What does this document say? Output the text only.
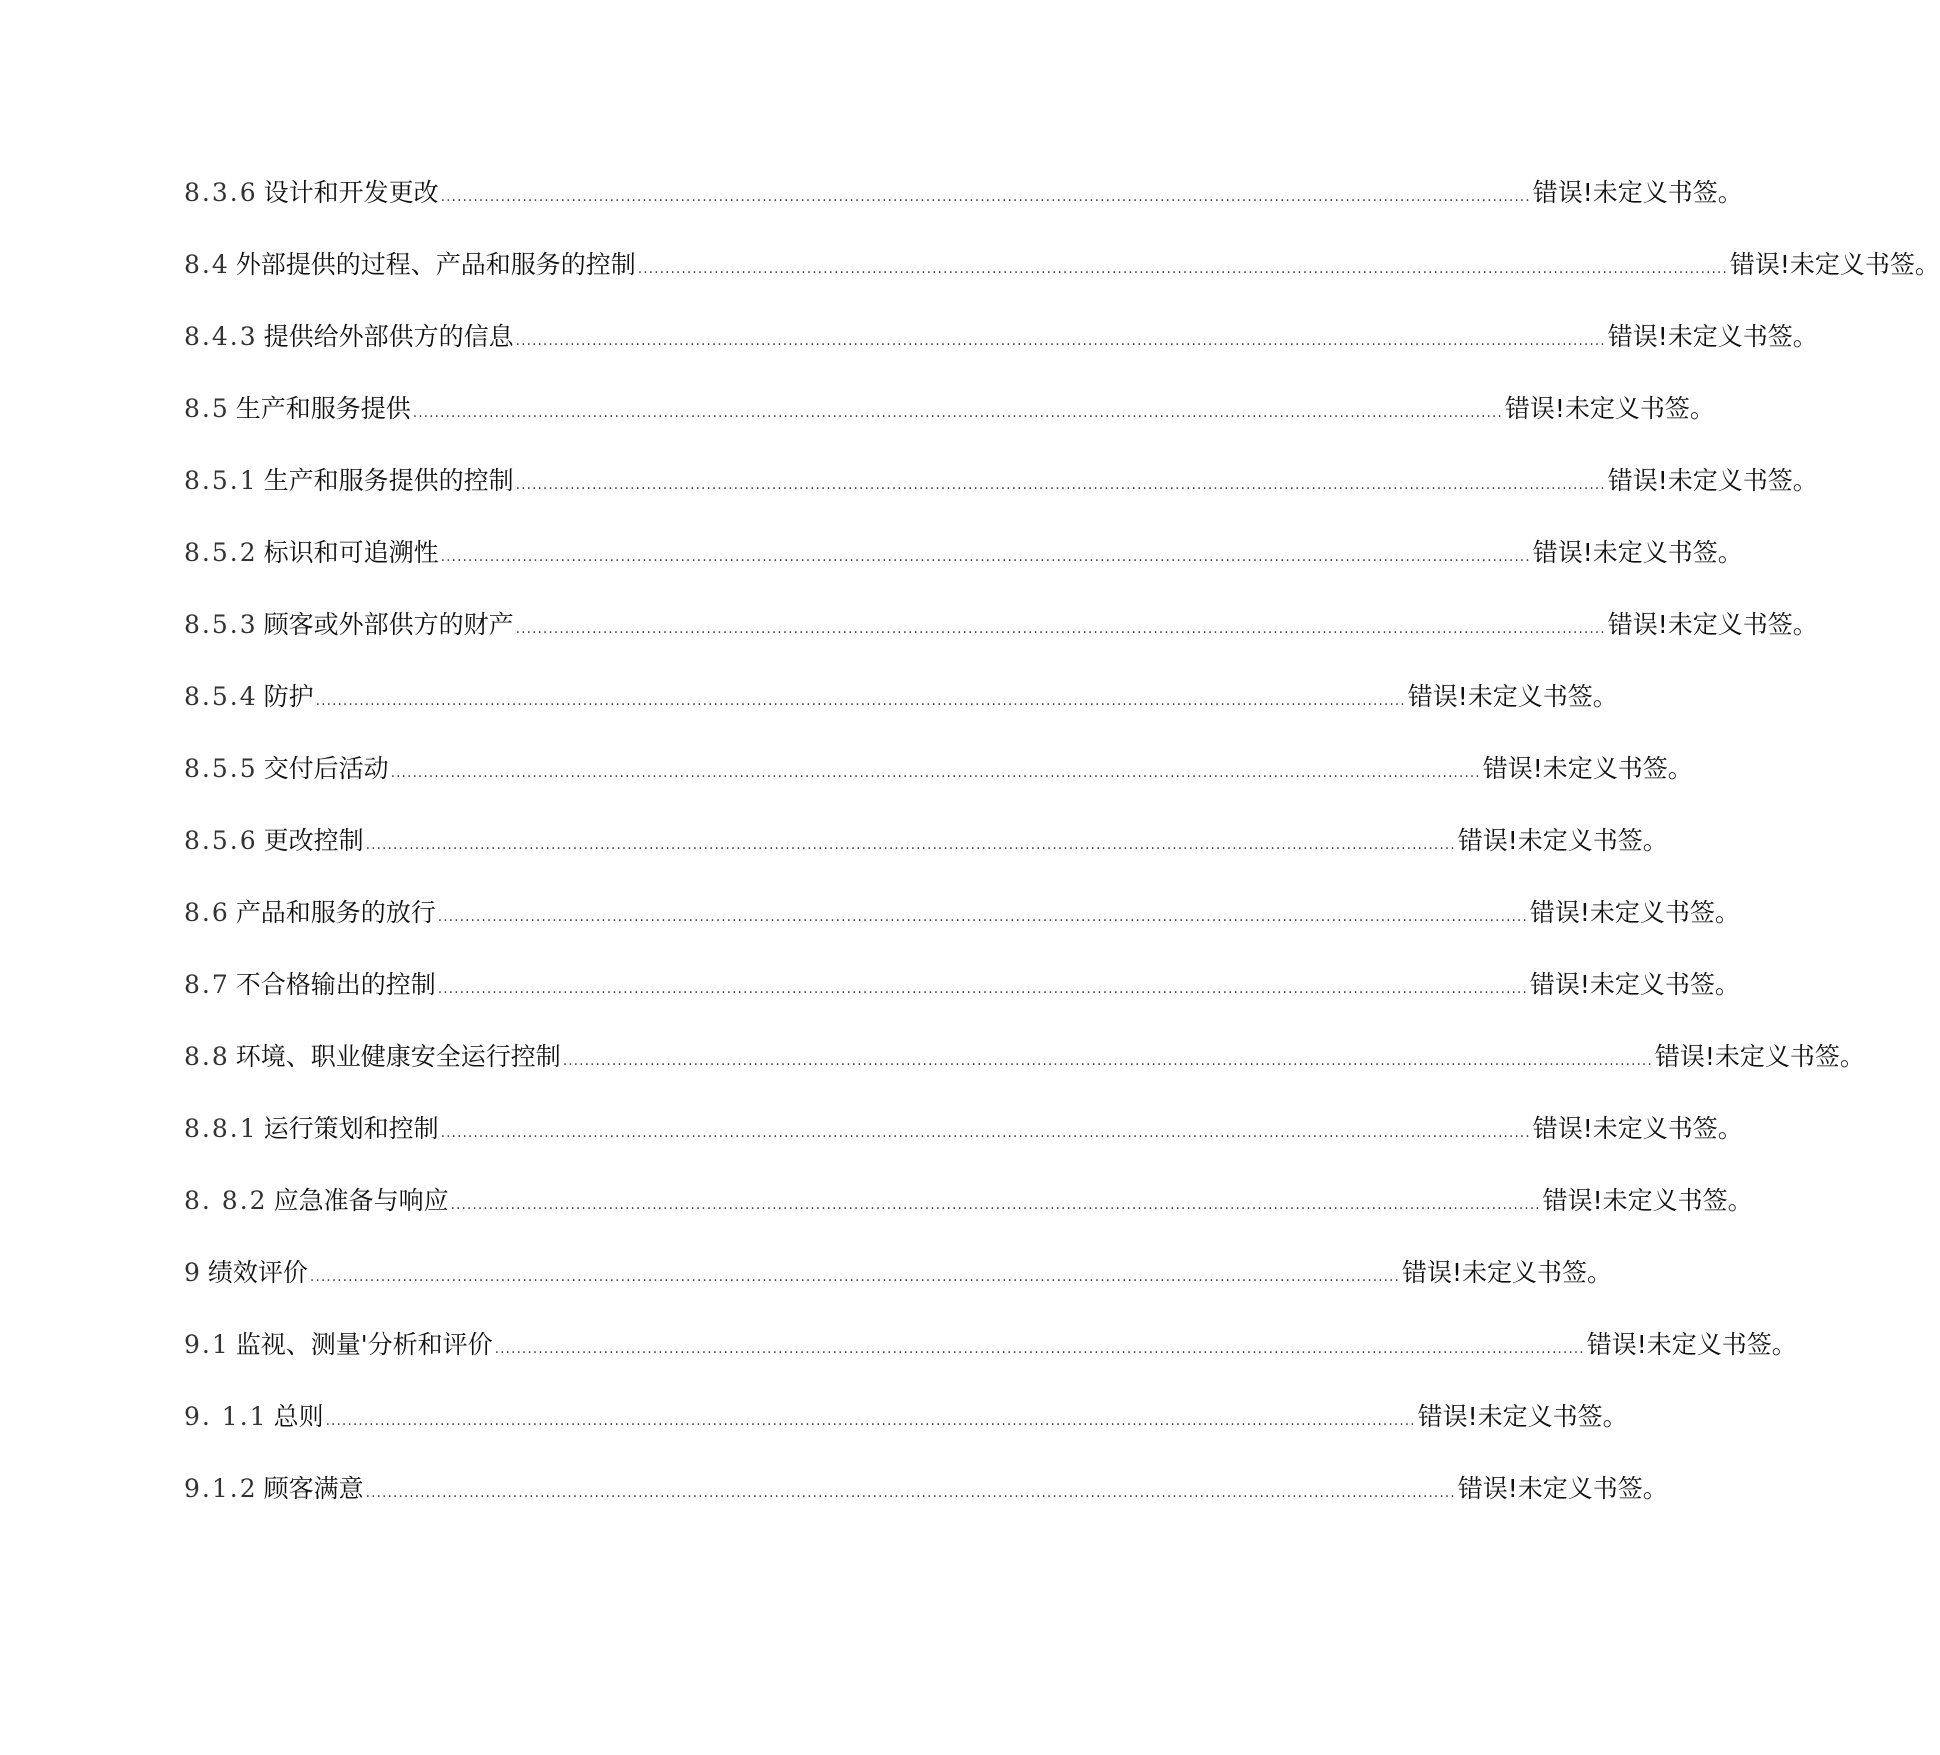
8.3.6 设计和开发更改 ........................................................................................................................................................................................................ 错误!未定义书签。
8.4 外部提供的过程、产品和服务的控制 ........................................................................................................................................................................................................ 错误!未定义书签。
8.4.3 提供给外部供方的信息 ........................................................................................................................................................................................................ 错误!未定义书签。
8.5 生产和服务提供 ........................................................................................................................................................................................................ 错误!未定义书签。
8.5.1 生产和服务提供的控制 ........................................................................................................................................................................................................ 错误!未定义书签。
8.5.2 标识和可追溯性 ........................................................................................................................................................................................................ 错误!未定义书签。
8.5.3 顾客或外部供方的财产 ........................................................................................................................................................................................................ 错误!未定义书签。
8.5.4 防护 ........................................................................................................................................................................................................ 错误!未定义书签。
8.5.5 交付后活动 ........................................................................................................................................................................................................ 错误!未定义书签。
8.5.6 更改控制 ........................................................................................................................................................................................................ 错误!未定义书签。
8.6 产品和服务的放行 ........................................................................................................................................................................................................ 错误!未定义书签。
8.7 不合格输出的控制 ........................................................................................................................................................................................................ 错误!未定义书签。
8.8 环境、职业健康安全运行控制 ........................................................................................................................................................................................................ 错误!未定义书签。
8.8.1 运行策划和控制 ........................................................................................................................................................................................................ 错误!未定义书签。
8. 8.2 应急准备与响应 ........................................................................................................................................................................................................ 错误!未定义书签。
9 绩效评价 ........................................................................................................................................................................................................ 错误!未定义书签。
9.1 监视、测量'分析和评价 ........................................................................................................................................................................................................ 错误!未定义书签。
9. 1.1 总则 ........................................................................................................................................................................................................ 错误!未定义书签。
9.1.2 顾客满意 ........................................................................................................................................................................................................ 错误!未定义书签。
